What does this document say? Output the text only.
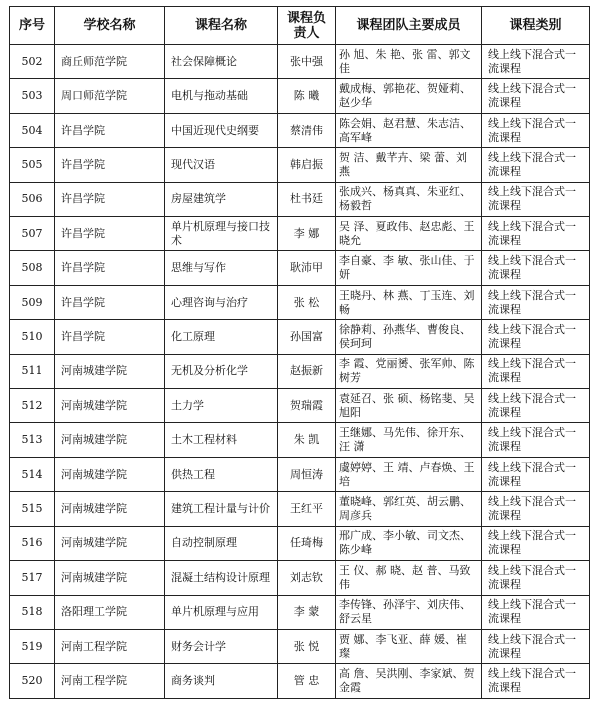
序号	学校名称	课程名称	课程负责人	课程团队主要成员	课程类别
502	商丘师范学院	社会保障概论	张中强	孙 旭、朱 艳、张 雷、郭文佳	线上线下混合式一流课程
503	周口师范学院	电机与拖动基础	陈 曦	戴成梅、郭艳花、贺娅莉、赵少华	线上线下混合式一流课程
504	许昌学院	中国近现代史纲要	蔡清伟	陈会娟、赵君慧、朱志洁、高军峰	线上线下混合式一流课程
505	许昌学院	现代汉语	韩启振	贺 洁、戴芊卉、梁 蕾、刘 燕	线上线下混合式一流课程
506	许昌学院	房屋建筑学	杜书廷	张成兴、杨真真、朱亚红、杨毅哲	线上线下混合式一流课程
507	许昌学院	单片机原理与接口技术	李 娜	吴 泽、夏政伟、赵忠彪、王晓允	线上线下混合式一流课程
508	许昌学院	思维与写作	耿沛甲	李自豪、李 敏、张山佳、于 妍	线上线下混合式一流课程
509	许昌学院	心理咨询与治疗	张 松	王晓丹、林 燕、丁玉连、刘 畅	线上线下混合式一流课程
510	许昌学院	化工原理	孙国富	徐静莉、孙燕华、曹俊良、侯珂珂	线上线下混合式一流课程
511	河南城建学院	无机及分析化学	赵振新	李 霞、党丽赟、张军帅、陈树芳	线上线下混合式一流课程
512	河南城建学院	土力学	贺瑞霞	袁延召、张 硕、杨铭斐、吴旭阳	线上线下混合式一流课程
513	河南城建学院	土木工程材料	朱 凯	王继娜、马先伟、徐开东、汪 潇	线上线下混合式一流课程
514	河南城建学院	供热工程	周恒涛	虞婷婷、王 靖、卢春焕、王 培	线上线下混合式一流课程
515	河南城建学院	建筑工程计量与计价	王红平	董晓峰、郭红英、胡云鹏、周彦兵	线上线下混合式一流课程
516	河南城建学院	自动控制原理	任琦梅	邢广成、李小敏、司文杰、陈少峰	线上线下混合式一流课程
517	河南城建学院	混凝土结构设计原理	刘志钦	王 仪、郝 晓、赵 普、马致伟	线上线下混合式一流课程
518	洛阳理工学院	单片机原理与应用	李 蒙	李传锋、孙泽宇、刘庆伟、舒云星	线上线下混合式一流课程
519	河南工程学院	财务会计学	张 悦	贾 娜、李飞亚、薛 媛、崔 璨	线上线下混合式一流课程
520	河南工程学院	商务谈判	管 忠	高 詹、吴洪刚、李家斌、贺金霞	线上线下混合式一流课程
